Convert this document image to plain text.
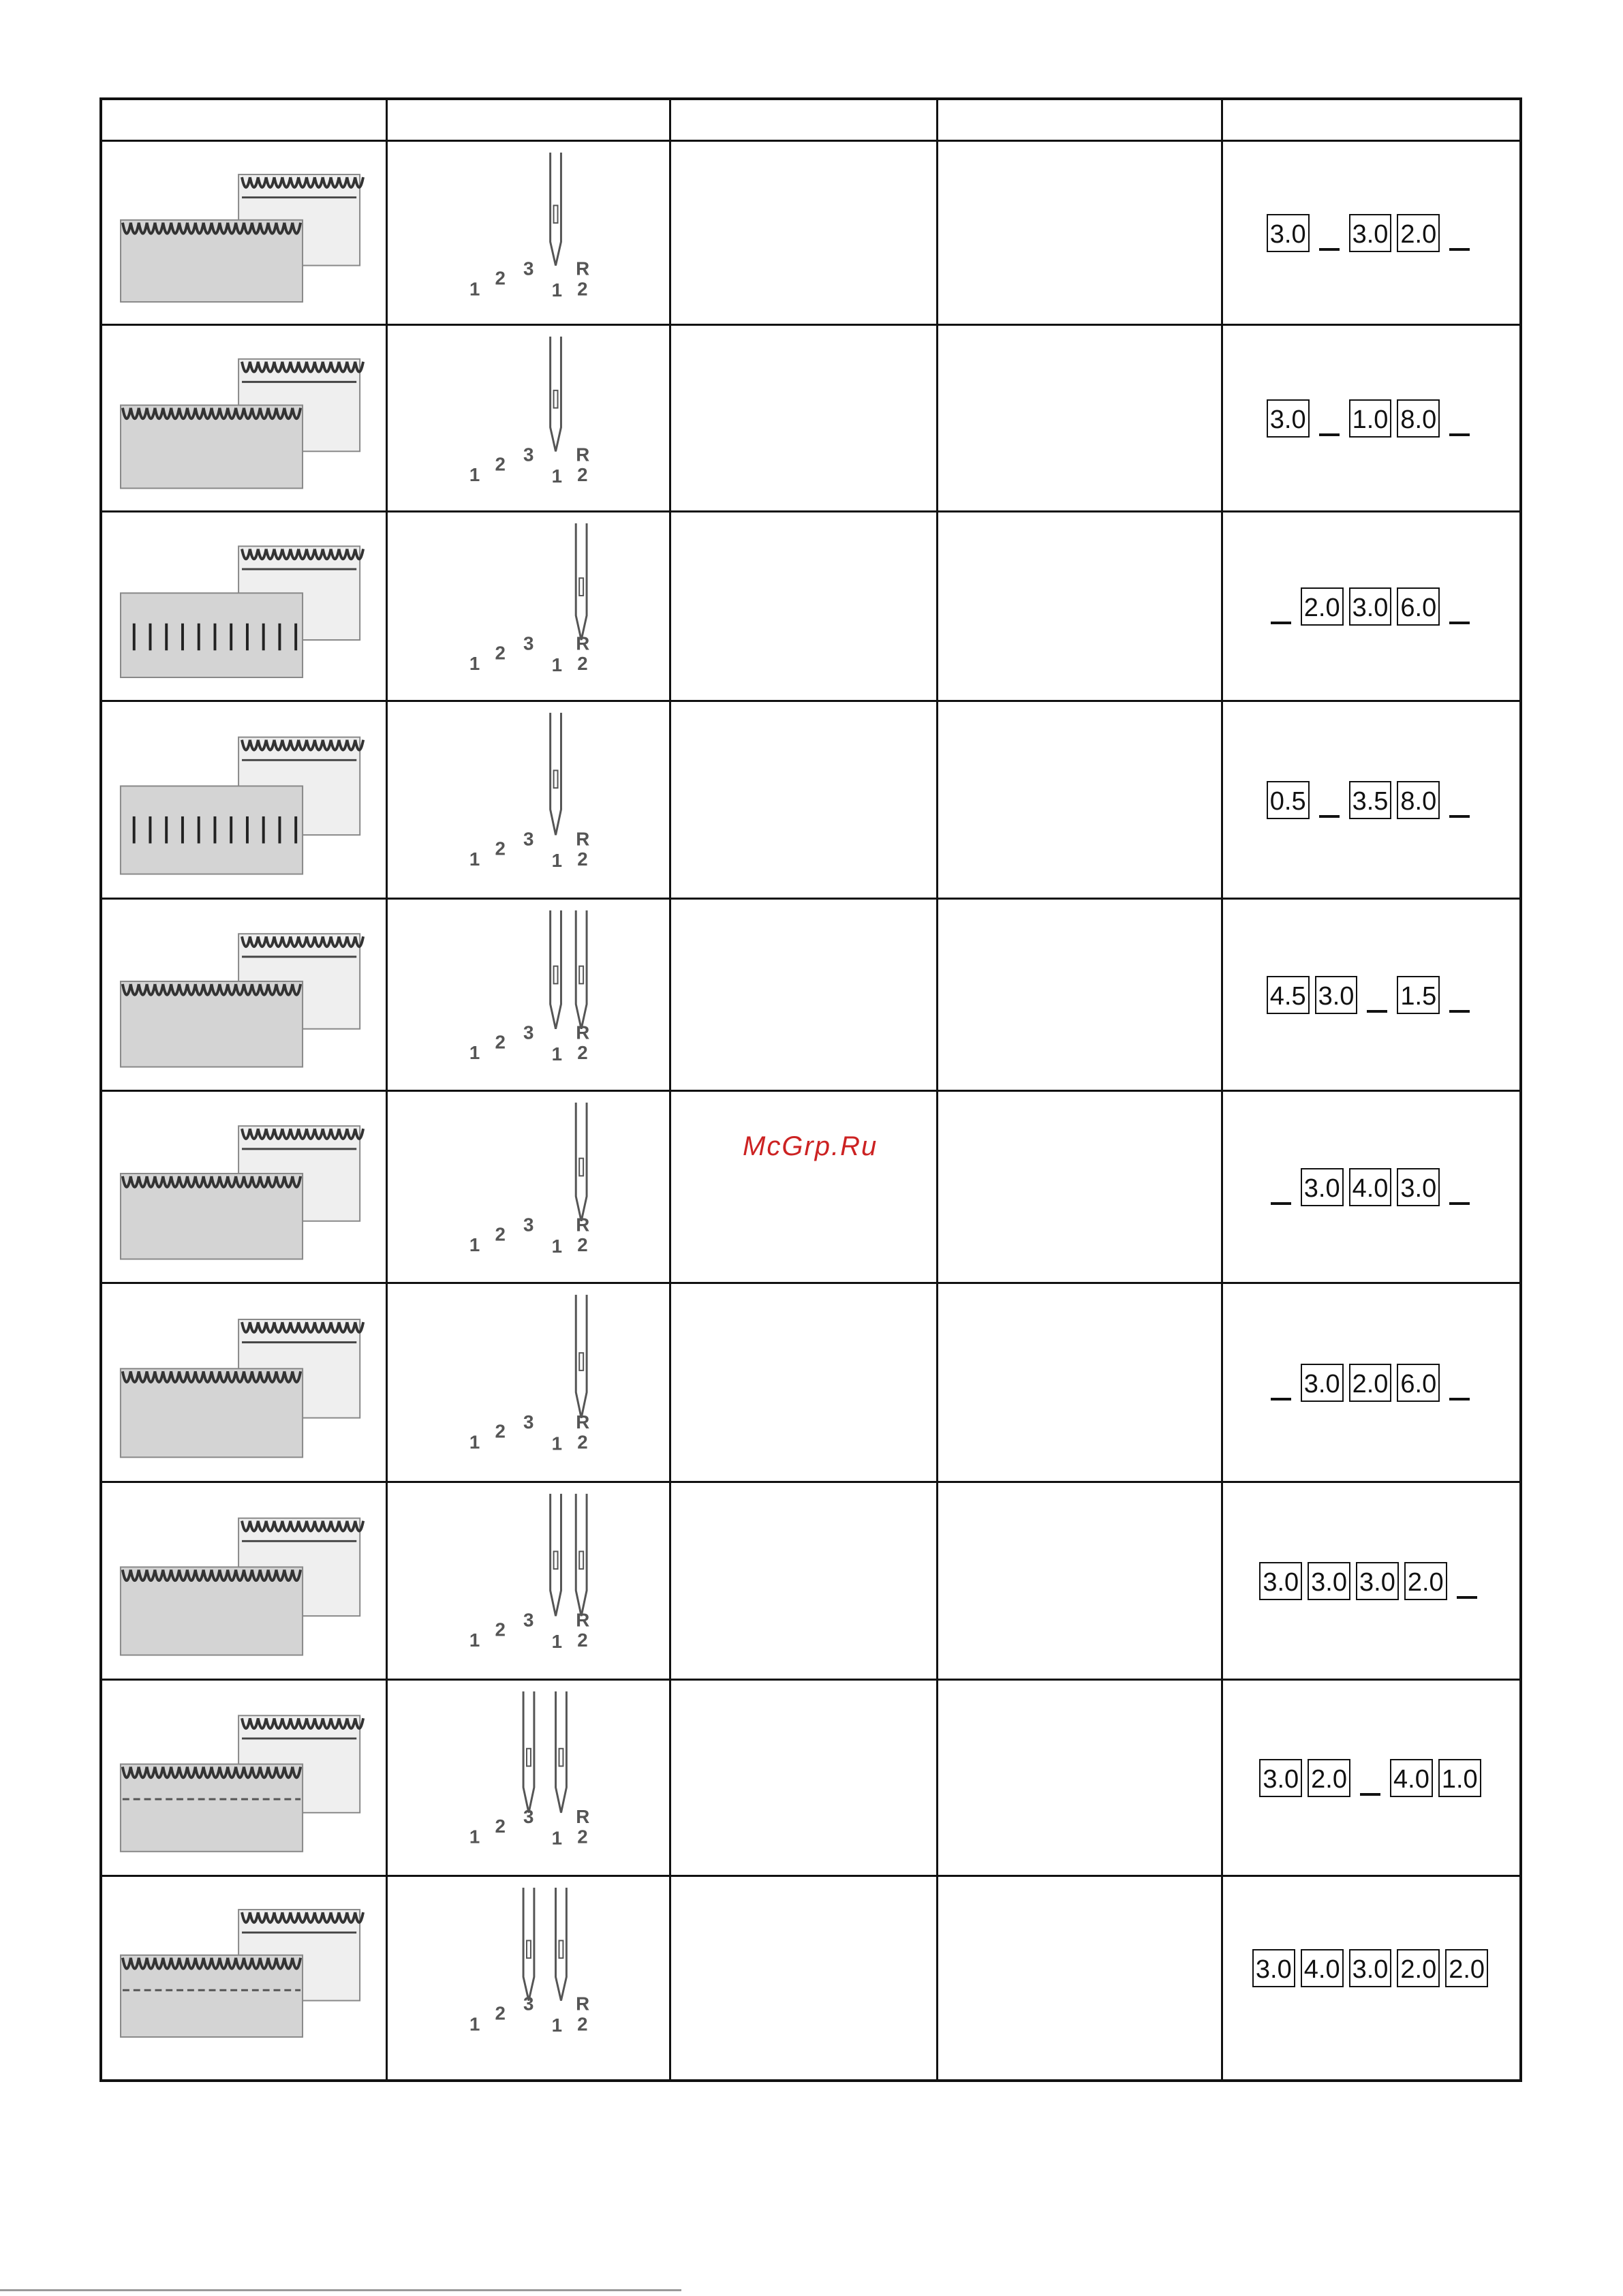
1
2 3 R
1 2
3.0 3.0 2.0
1
2 3 R
1 2
3.0 1.0 8.0
1
2 3 R
1 2
2.0 3.0 6.0
1
2 3 R
1 2
0.5 3.5 8.0
1
2 3 R
1 2
4.5 3.0 1.5
1
2 3 R
1 2
3.0 4.0 3.0
1
2 3 R
1 2
3.0 2.0 6.0
1
2 3 R
1 2
3.0 3.0 3.0 2.0
1
2 3 R
1 2
3.0 2.0 4.0 1.0
1
2 3 R
1 2
3.0 4.0 3.0 2.0 2.0
McGrp.Ru
